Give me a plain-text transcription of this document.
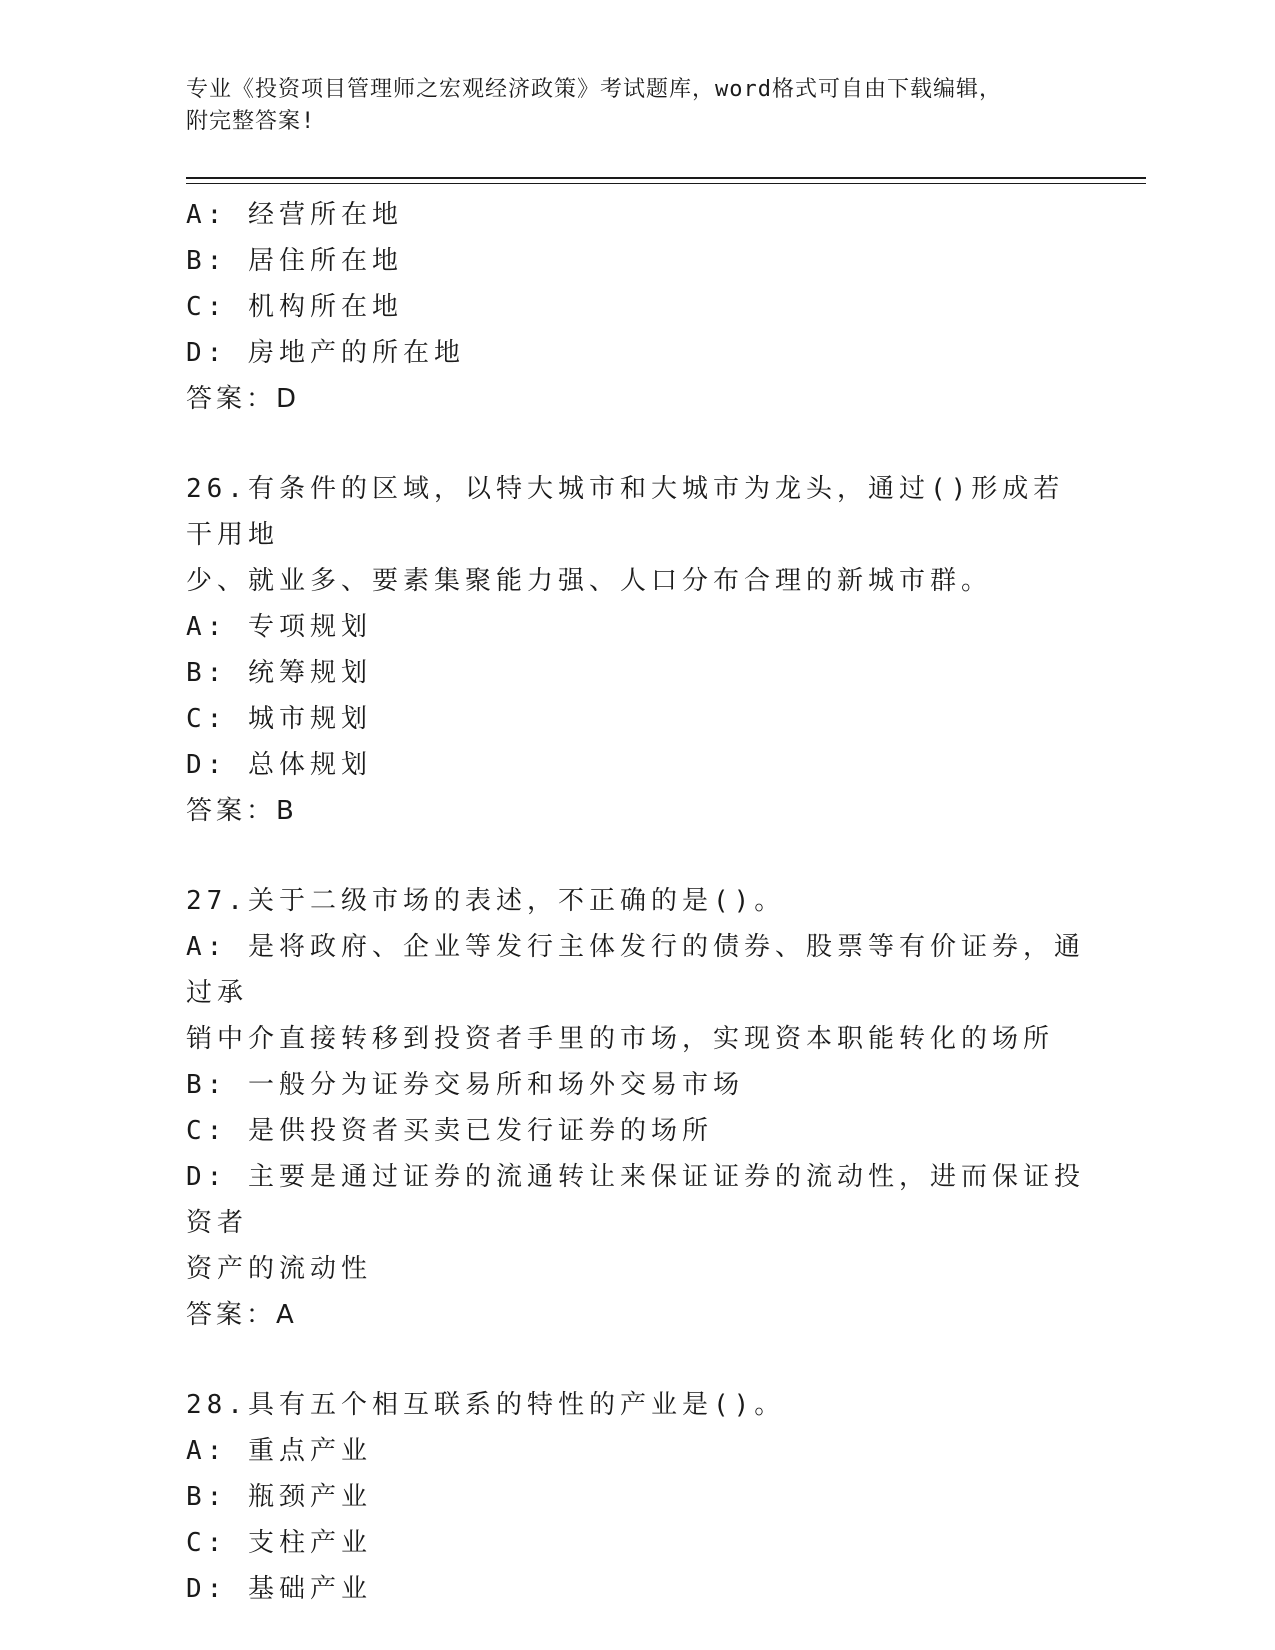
专业《投资项目管理师之宏观经济政策》考试题库，word格式可自由下载编辑，
附完整答案!
A: 经营所在地
B: 居住所在地
C: 机构所在地
D: 房地产的所在地
答案：D
26.有条件的区域，以特大城市和大城市为龙头，通过()形成若干用地
少、就业多、要素集聚能力强、人口分布合理的新城市群。
A: 专项规划
B: 统筹规划
C: 城市规划
D: 总体规划
答案：B
27.关于二级市场的表述，不正确的是()。
A: 是将政府、企业等发行主体发行的债券、股票等有价证券，通过承
销中介直接转移到投资者手里的市场，实现资本职能转化的场所
B: 一般分为证券交易所和场外交易市场
C: 是供投资者买卖已发行证券的场所
D: 主要是通过证券的流通转让来保证证券的流动性，进而保证投资者
资产的流动性
答案：A
28.具有五个相互联系的特性的产业是()。
A: 重点产业
B: 瓶颈产业
C: 支柱产业
D: 基础产业
